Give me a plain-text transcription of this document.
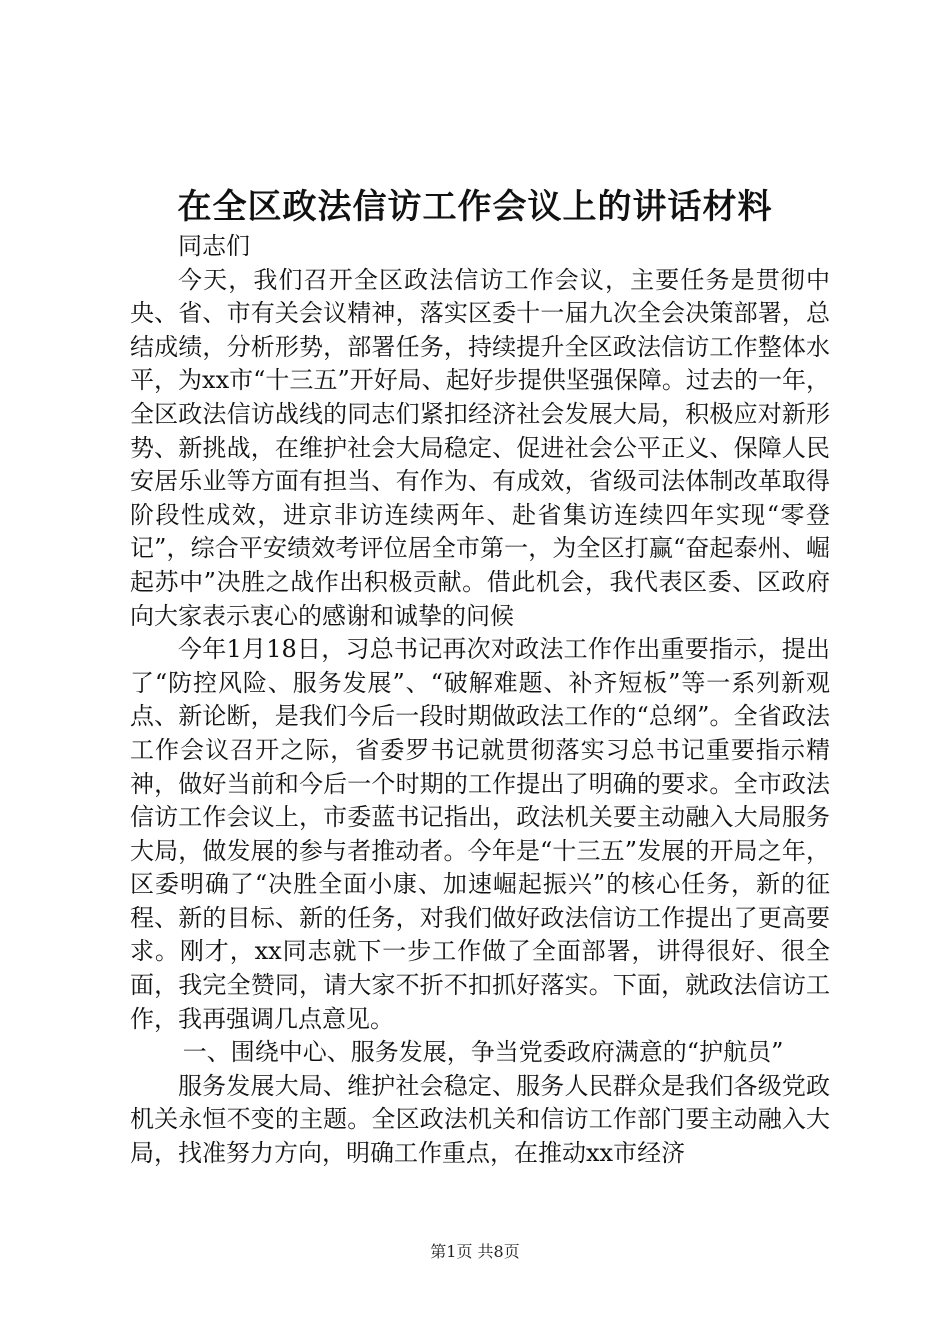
在全区政法信访工作会议上的讲话材料

同志们

今天，我们召开全区政法信访工作会议，主要任务是贯彻中央、省、市有关会议精神，落实区委十一届九次全会决策部署，总结成绩，分析形势，部署任务，持续提升全区政法信访工作整体水平，为xx市“十三五”开好局、起好步提供坚强保障。过去的一年，全区政法信访战线的同志们紧扣经济社会发展大局，积极应对新形势、新挑战，在维护社会大局稳定、促进社会公平正义、保障人民安居乐业等方面有担当、有作为、有成效，省级司法体制改革取得阶段性成效，进京非访连续两年、赴省集访连续四年实现“零登记”，综合平安绩效考评位居全市第一，为全区打赢“奋起泰州、崛起苏中”决胜之战作出积极贡献。借此机会，我代表区委、区政府向大家表示衷心的感谢和诚挚的问候

今年1月18日，习总书记再次对政法工作作出重要指示，提出了“防控风险、服务发展”、“破解难题、补齐短板”等一系列新观点、新论断，是我们今后一段时期做政法工作的“总纲”。全省政法工作会议召开之际，省委罗书记就贯彻落实习总书记重要指示精神，做好当前和今后一个时期的工作提出了明确的要求。全市政法信访工作会议上，市委蓝书记指出，政法机关要主动融入大局服务大局，做发展的参与者推动者。今年是“十三五”发展的开局之年，区委明确了“决胜全面小康、加速崛起振兴”的核心任务，新的征程、新的目标、新的任务，对我们做好政法信访工作提出了更高要求。刚才，xx同志就下一步工作做了全面部署，讲得很好、很全面，我完全赞同，请大家不折不扣抓好落实。下面，就政法信访工作，我再强调几点意见。

一、围绕中心、服务发展，争当党委政府满意的“护航员”

服务发展大局、维护社会稳定、服务人民群众是我们各级党政机关永恒不变的主题。全区政法机关和信访工作部门要主动融入大局，找准努力方向，明确工作重点，在推动xx市经济

第1页 共8页
